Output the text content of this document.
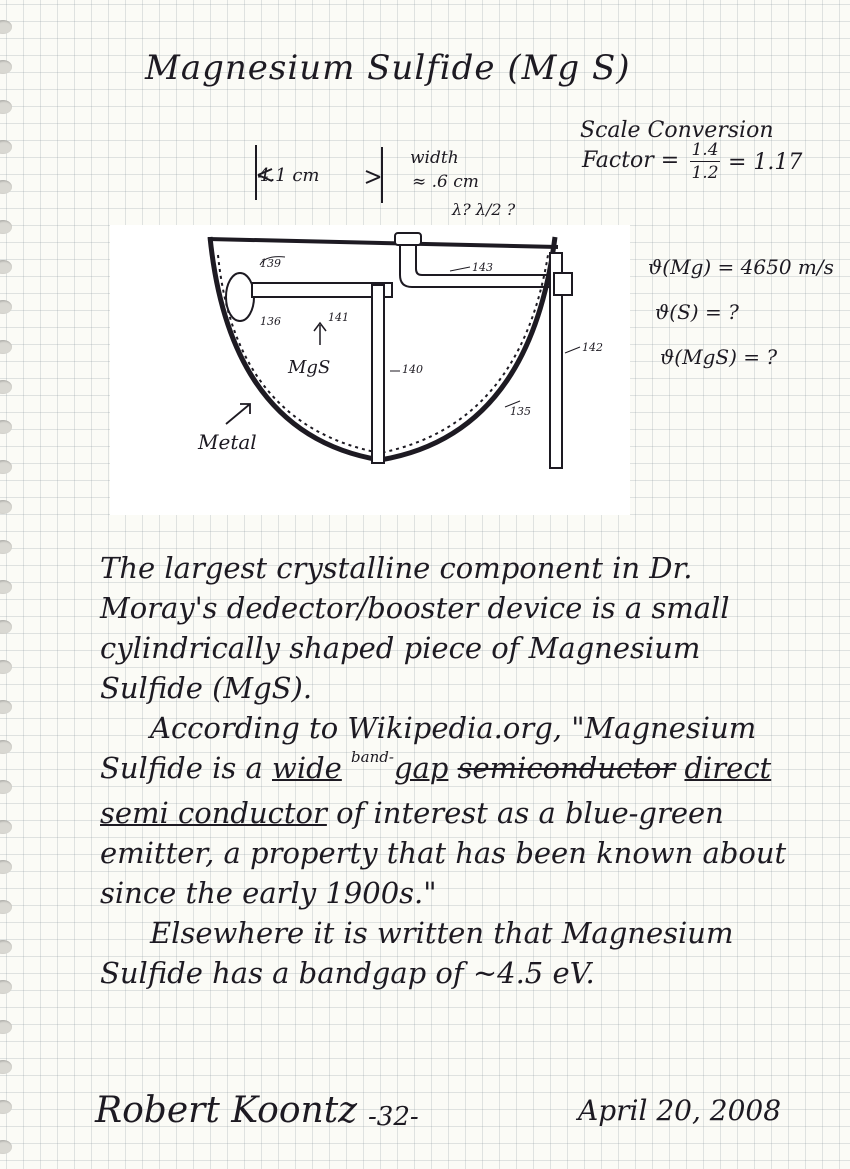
Magnesium Sulfide (Mg S)
Scale Conversion
Factor = 1.4
1.2 = 1.17
4.1 cm
width
≈ .6 cm
λ? λ/2 ?
ϑ(Mg) = 4650 m/s
ϑ(S) = ?
ϑ(MgS) = ?
139	143
136	141
140
142
135
MgS
Metal

The largest crystalline component in Dr. Moray's dedector/booster device is a small cylindrically shaped piece of Magnesium Sulfide (MgS).

According to Wikipedia.org, "Magnesium Sulfide is a wide $^{band-}$gap semiconductor direct semi conductor of interest as a blue-green emitter, a property that has been known about since the early 1900s."

Elsewhere it is written that Magnesium Sulfide has a bandgap of ~4.5 eV.

Robert Koontz -32-	April 20, 2008
